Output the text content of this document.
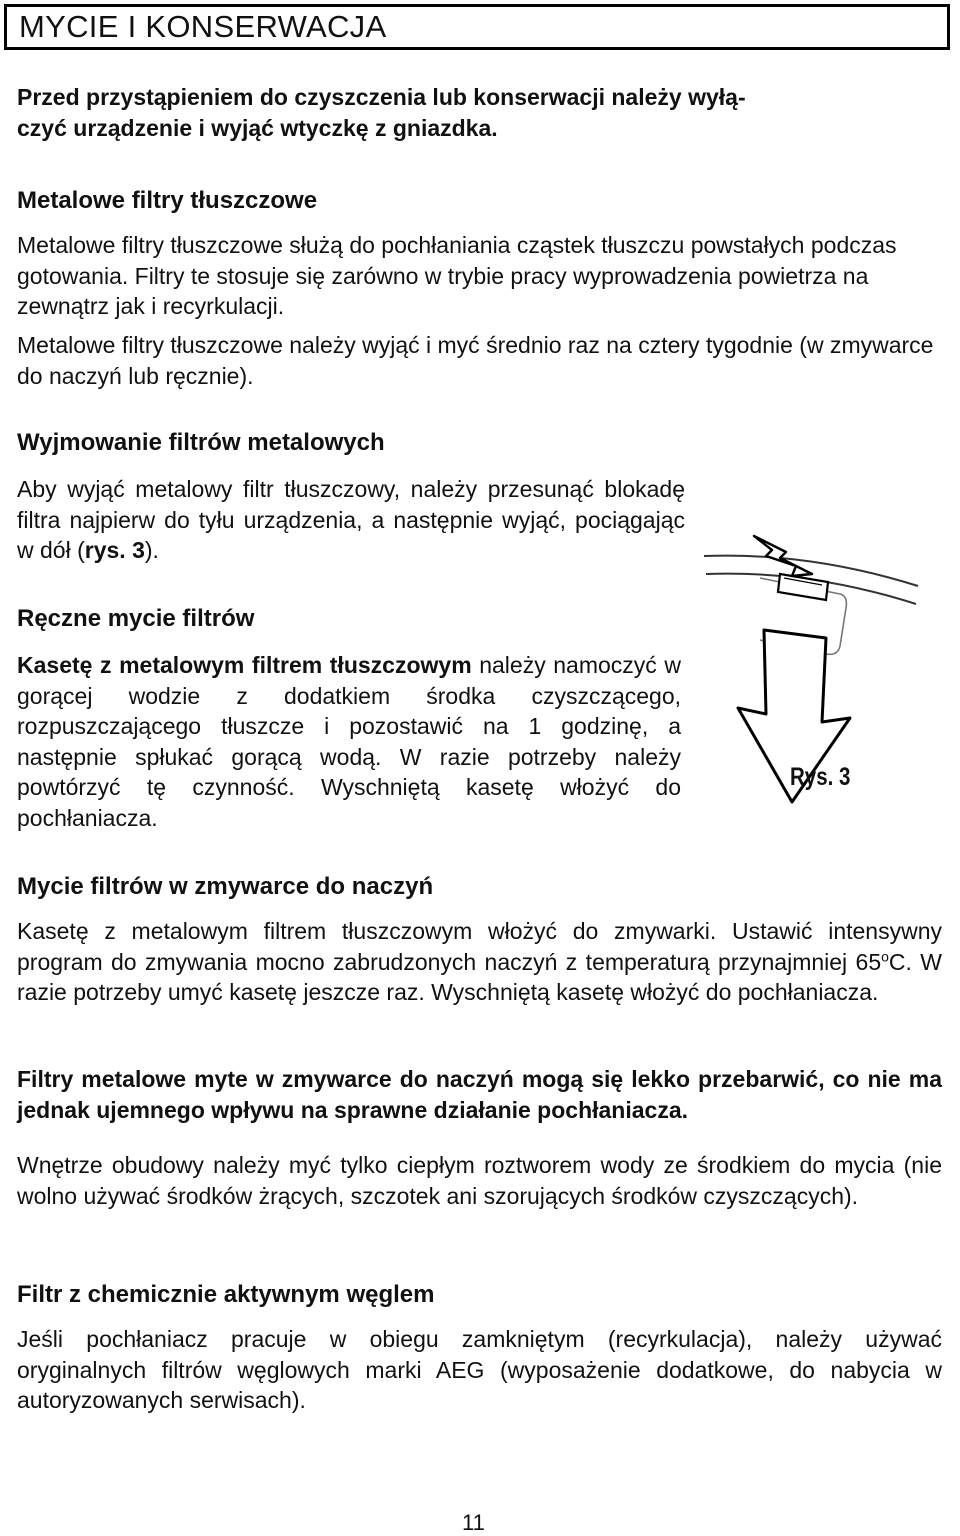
MYCIE I KONSERWACJA

Przed przystąpieniem do czyszczenia lub konserwacji należy wyłą-

czyć urządzenie i wyjąć wtyczkę z gniazdka.

Metalowe filtry tłuszczowe

Metalowe filtry tłuszczowe służą do pochłaniania cząstek tłuszczu powstałych podczas gotowania. Filtry te stosuje się zarówno w trybie pracy wyprowadzenia powietrza na zewnątrz jak i recyrkulacji.

Metalowe filtry tłuszczowe należy wyjąć i myć średnio raz na cztery tygodnie (w zmywarce do naczyń lub ręcznie).

Wyjmowanie filtrów metalowych

Aby wyjąć metalowy filtr tłuszczowy, należy przesunąć blokadę filtra najpierw do tyłu urządzenia, a następnie wyjąć, pociągając w dół (rys. 3).

Ręczne mycie filtrów

Kasetę z metalowym filtrem tłuszczowym należy namoczyć w gorącej wodzie z dodatkiem środka czyszczącego, rozpuszczającego tłuszcze i pozostawić na 1 godzinę, a następnie spłukać gorącą wodą. W razie potrzeby należy powtórzyć tę czynność. Wyschniętą kasetę włożyć do pochłaniacza.

Rys. 3

Mycie filtrów w zmywarce do naczyń

Kasetę z metalowym filtrem tłuszczowym włożyć do zmywarki. Ustawić intensywny program do zmywania mocno zabrudzonych naczyń z temperaturą przynajmniej 65$^o$C. W razie potrzeby umyć kasetę jeszcze raz. Wyschniętą kasetę włożyć do pochłaniacza.

Filtry metalowe myte w zmywarce do naczyń mogą się lekko przebarwić, co nie ma jednak ujemnego wpływu na sprawne działanie pochłaniacza.

Wnętrze obudowy należy myć tylko ciepłym roztworem wody ze środkiem do mycia (nie wolno używać środków żrących, szczotek ani szorujących środków czyszczących).

Filtr z chemicznie aktywnym węglem

Jeśli pochłaniacz pracuje w obiegu zamkniętym (recyrkulacja), należy używać oryginalnych filtrów węglowych marki AEG (wyposażenie dodatkowe, do nabycia w autoryzowanych serwisach).

11
